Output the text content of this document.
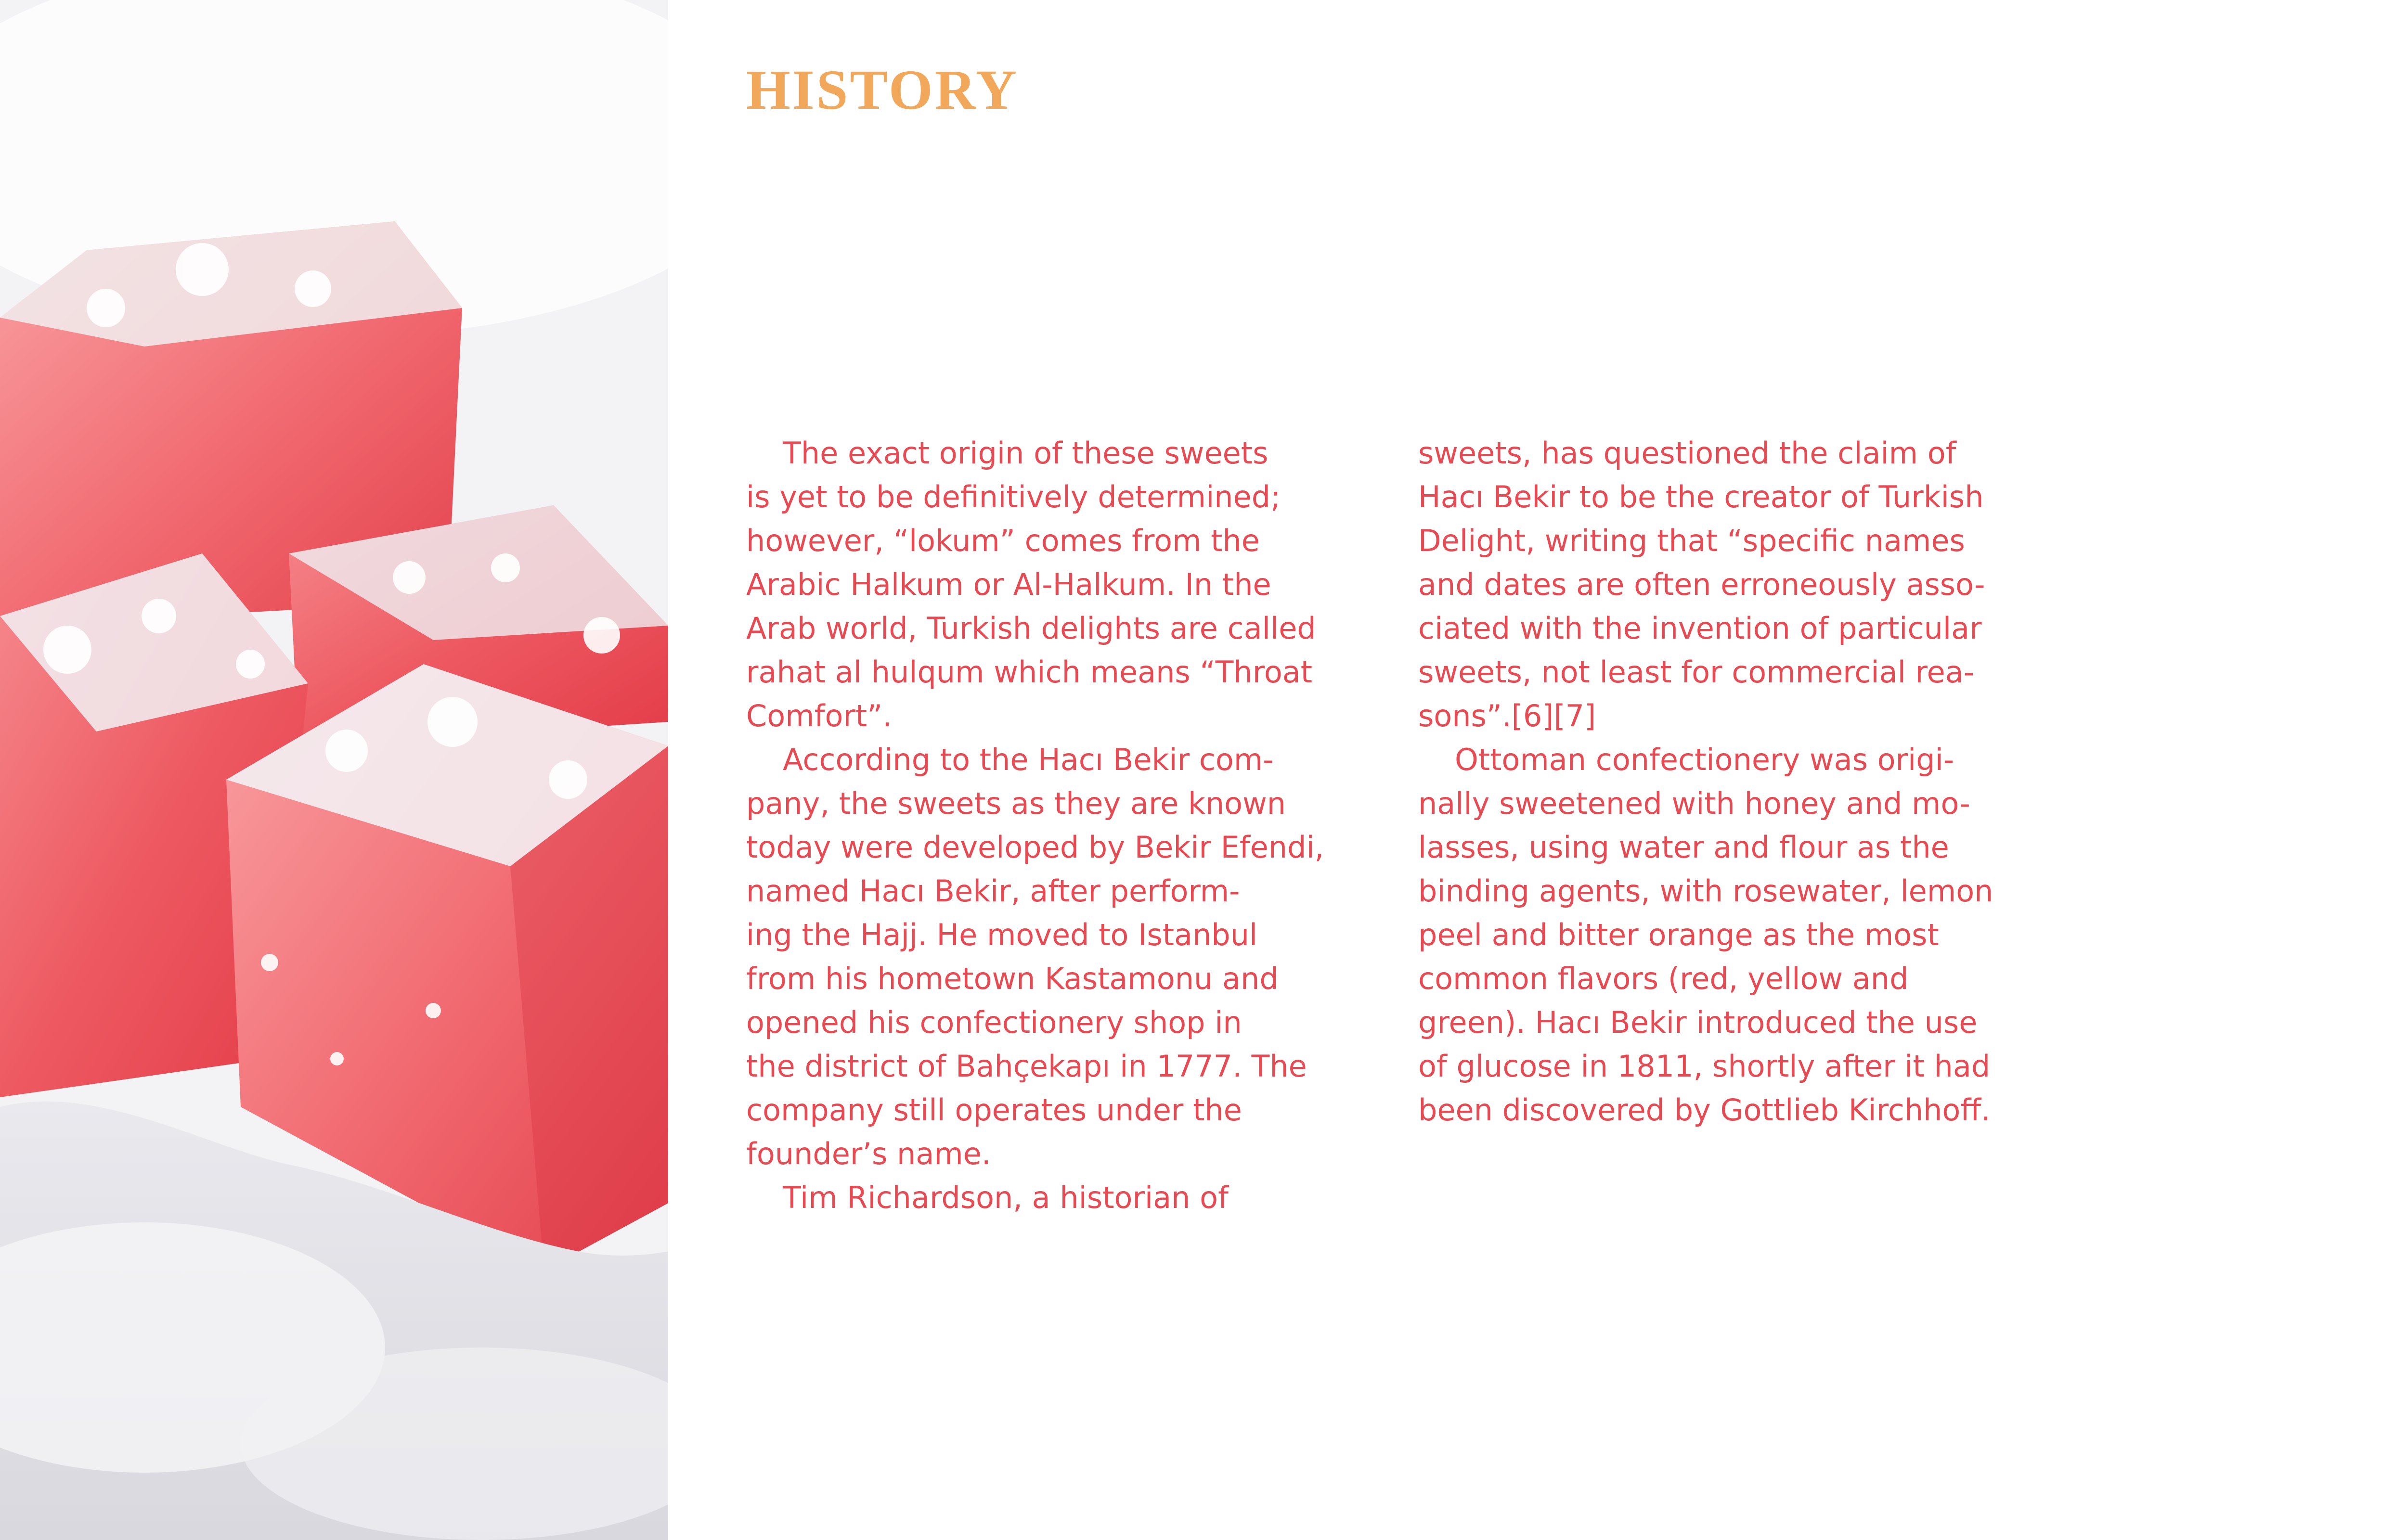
HISTORY
The exact origin of these sweets
is yet to be definitively determined;
however, “lokum” comes from the
Arabic Halkum or Al-Halkum. In the
Arab world, Turkish delights are called
rahat al hulqum which means “Throat
Comfort”.
According to the Hacı Bekir com-
pany, the sweets as they are known
today were developed by Bekir Efendi,
named Hacı Bekir, after perform-
ing the Hajj. He moved to Istanbul
from his hometown Kastamonu and
opened his confectionery shop in
the district of Bahçekapı in 1777. The
company still operates under the
founder’s name.
Tim Richardson, a historian of
sweets, has questioned the claim of
Hacı Bekir to be the creator of Turkish
Delight, writing that “specific names
and dates are often erroneously asso-
ciated with the invention of particular
sweets, not least for commercial rea-
sons”.[6][7]
Ottoman confectionery was origi-
nally sweetened with honey and mo-
lasses, using water and flour as the
binding agents, with rosewater, lemon
peel and bitter orange as the most
common flavors (red, yellow and
green). Hacı Bekir introduced the use
of glucose in 1811, shortly after it had
been discovered by Gottlieb Kirchhoff.
